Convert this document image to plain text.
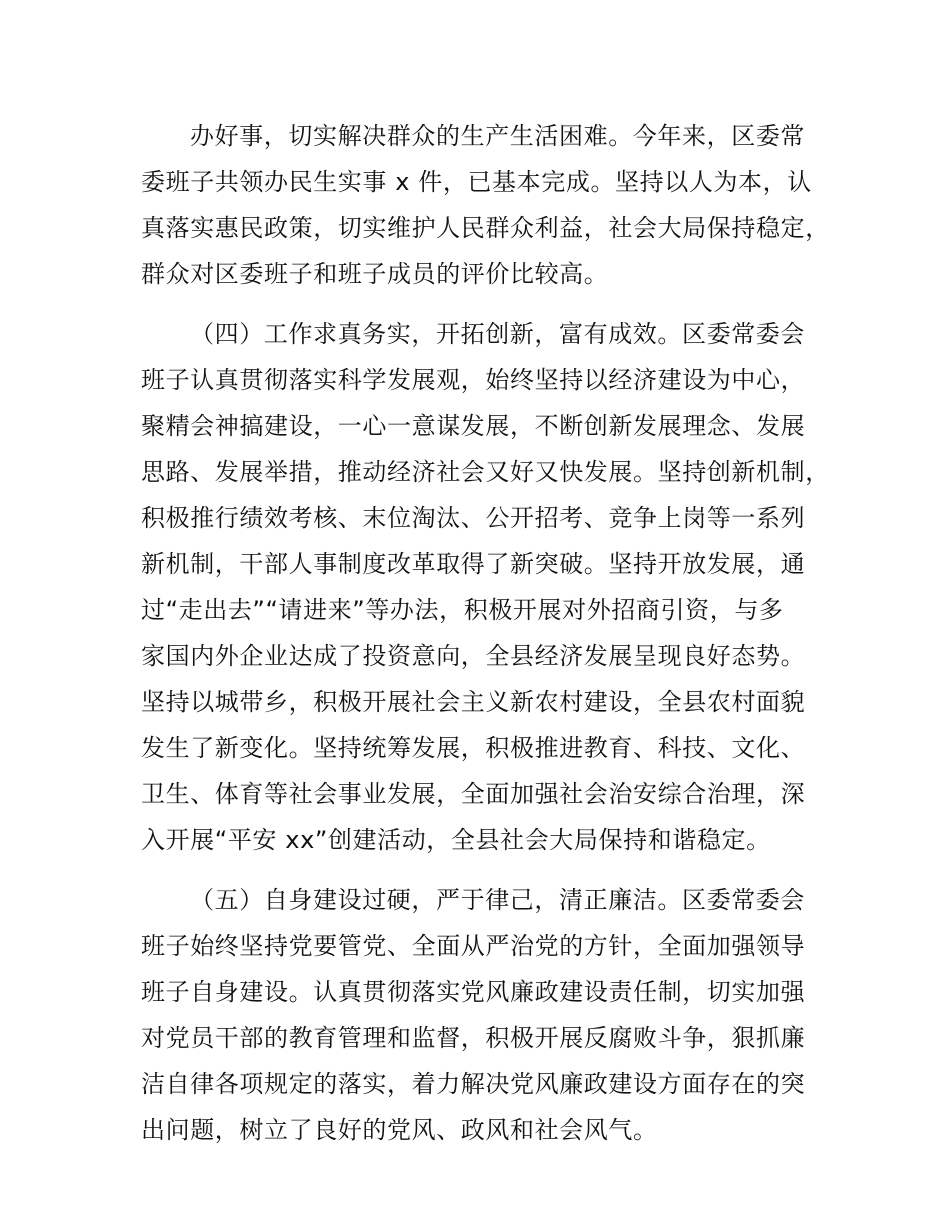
办好事，切实解决群众的生产生活困难。今年来，区委常
委班子共领办民生实事 x 件，已基本完成。坚持以人为本，认
真落实惠民政策，切实维护人民群众利益，社会大局保持稳定，
群众对区委班子和班子成员的评价比较高。
（四）工作求真务实，开拓创新，富有成效。区委常委会
班子认真贯彻落实科学发展观，始终坚持以经济建设为中心，
聚精会神搞建设，一心一意谋发展，不断创新发展理念、发展
思路、发展举措，推动经济社会又好又快发展。坚持创新机制，
积极推行绩效考核、末位淘汰、公开招考、竞争上岗等一系列
新机制，干部人事制度改革取得了新突破。坚持开放发展，通
过“走出去”“请进来”等办法，积极开展对外招商引资，与多
家国内外企业达成了投资意向，全县经济发展呈现良好态势。
坚持以城带乡，积极开展社会主义新农村建设，全县农村面貌
发生了新变化。坚持统筹发展，积极推进教育、科技、文化、
卫生、体育等社会事业发展，全面加强社会治安综合治理，深
入开展“平安 xx”创建活动，全县社会大局保持和谐稳定。
（五）自身建设过硬，严于律己，清正廉洁。区委常委会
班子始终坚持党要管党、全面从严治党的方针，全面加强领导
班子自身建设。认真贯彻落实党风廉政建设责任制，切实加强
对党员干部的教育管理和监督，积极开展反腐败斗争，狠抓廉
洁自律各项规定的落实，着力解决党风廉政建设方面存在的突
出问题，树立了良好的党风、政风和社会风气。
